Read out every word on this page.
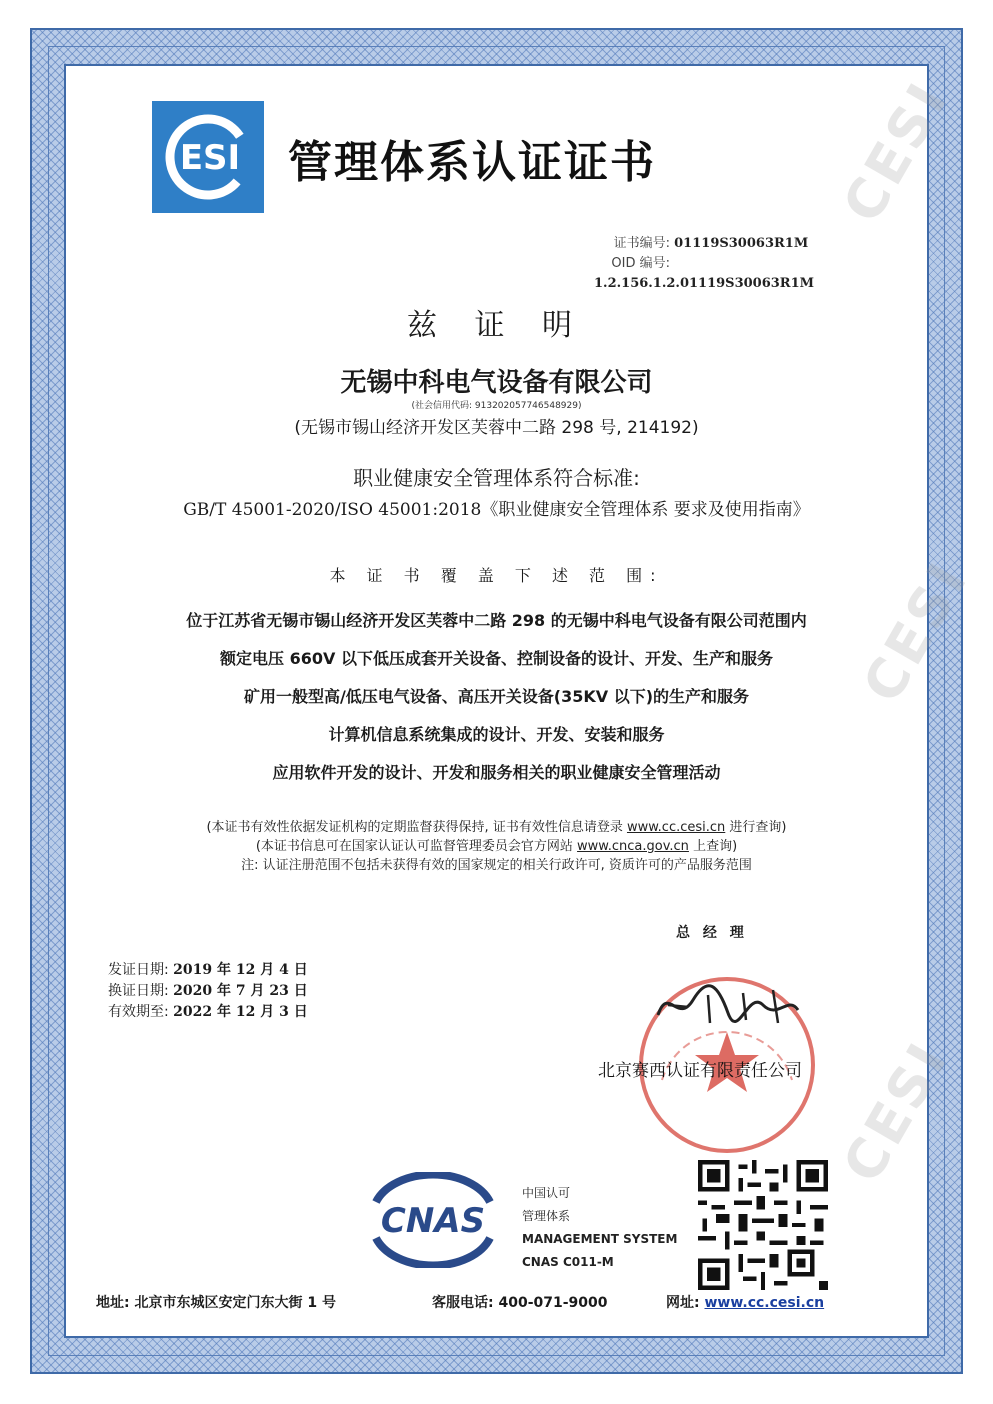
CESI
CESI
CESI
ESI 管理体系认证证书
证书编号: 01119S30063R1M
OID 编号: 1.2.156.1.2.01119S30063R1M
兹 证 明
无锡中科电气设备有限公司
(社会信用代码: 91320205774654892​9)
(无锡市锡山经济开发区芙蓉中二路 298 号, 214192)
职业健康安全管理体系符合标准:
GB/T 45001-2020/ISO 45001:2018《职业健康安全管理体系 要求及使用指南》
本 证 书 覆 盖 下 述 范 围:
位于江苏省无锡市锡山经济开发区芙蓉中二路 298 的无锡中科电气设备有限公司范围内
额定电压 660V 以下低压成套开关设备、控制设备的设计、开发、生产和服务
矿用一般型高/低压电气设备、高压开关设备(35KV 以下)的生产和服务
计算机信息系统集成的设计、开发、安装和服务
应用软件开发的设计、开发和服务相关的职业健康安全管理活动
(本证书有效性依据发证机构的定期监督获得保持, 证书有效性信息请登录 www.cc.cesi.cn 进行查询)
(本证书信息可在国家认证认可监督管理委员会官方网站 www.cnca.gov.cn 上查询)
注: 认证注册范围不包括未获得有效的国家规定的相关行政许可, 资质许可的产品服务范围
总 经 理
发证日期: 2019 年 12 月 4 日
换证日期: 2020 年 7 月 23 日
有效期至: 2022 年 12 月 3 日
北京赛西认证有限责任公司
CNAS
中国认可
管理体系
MANAGEMENT SYSTEM
CNAS C011-M
地址: 北京市东城区安定门东大街 1 号	客服电话: 400-071-9000	网址: www.cc.cesi.cn
